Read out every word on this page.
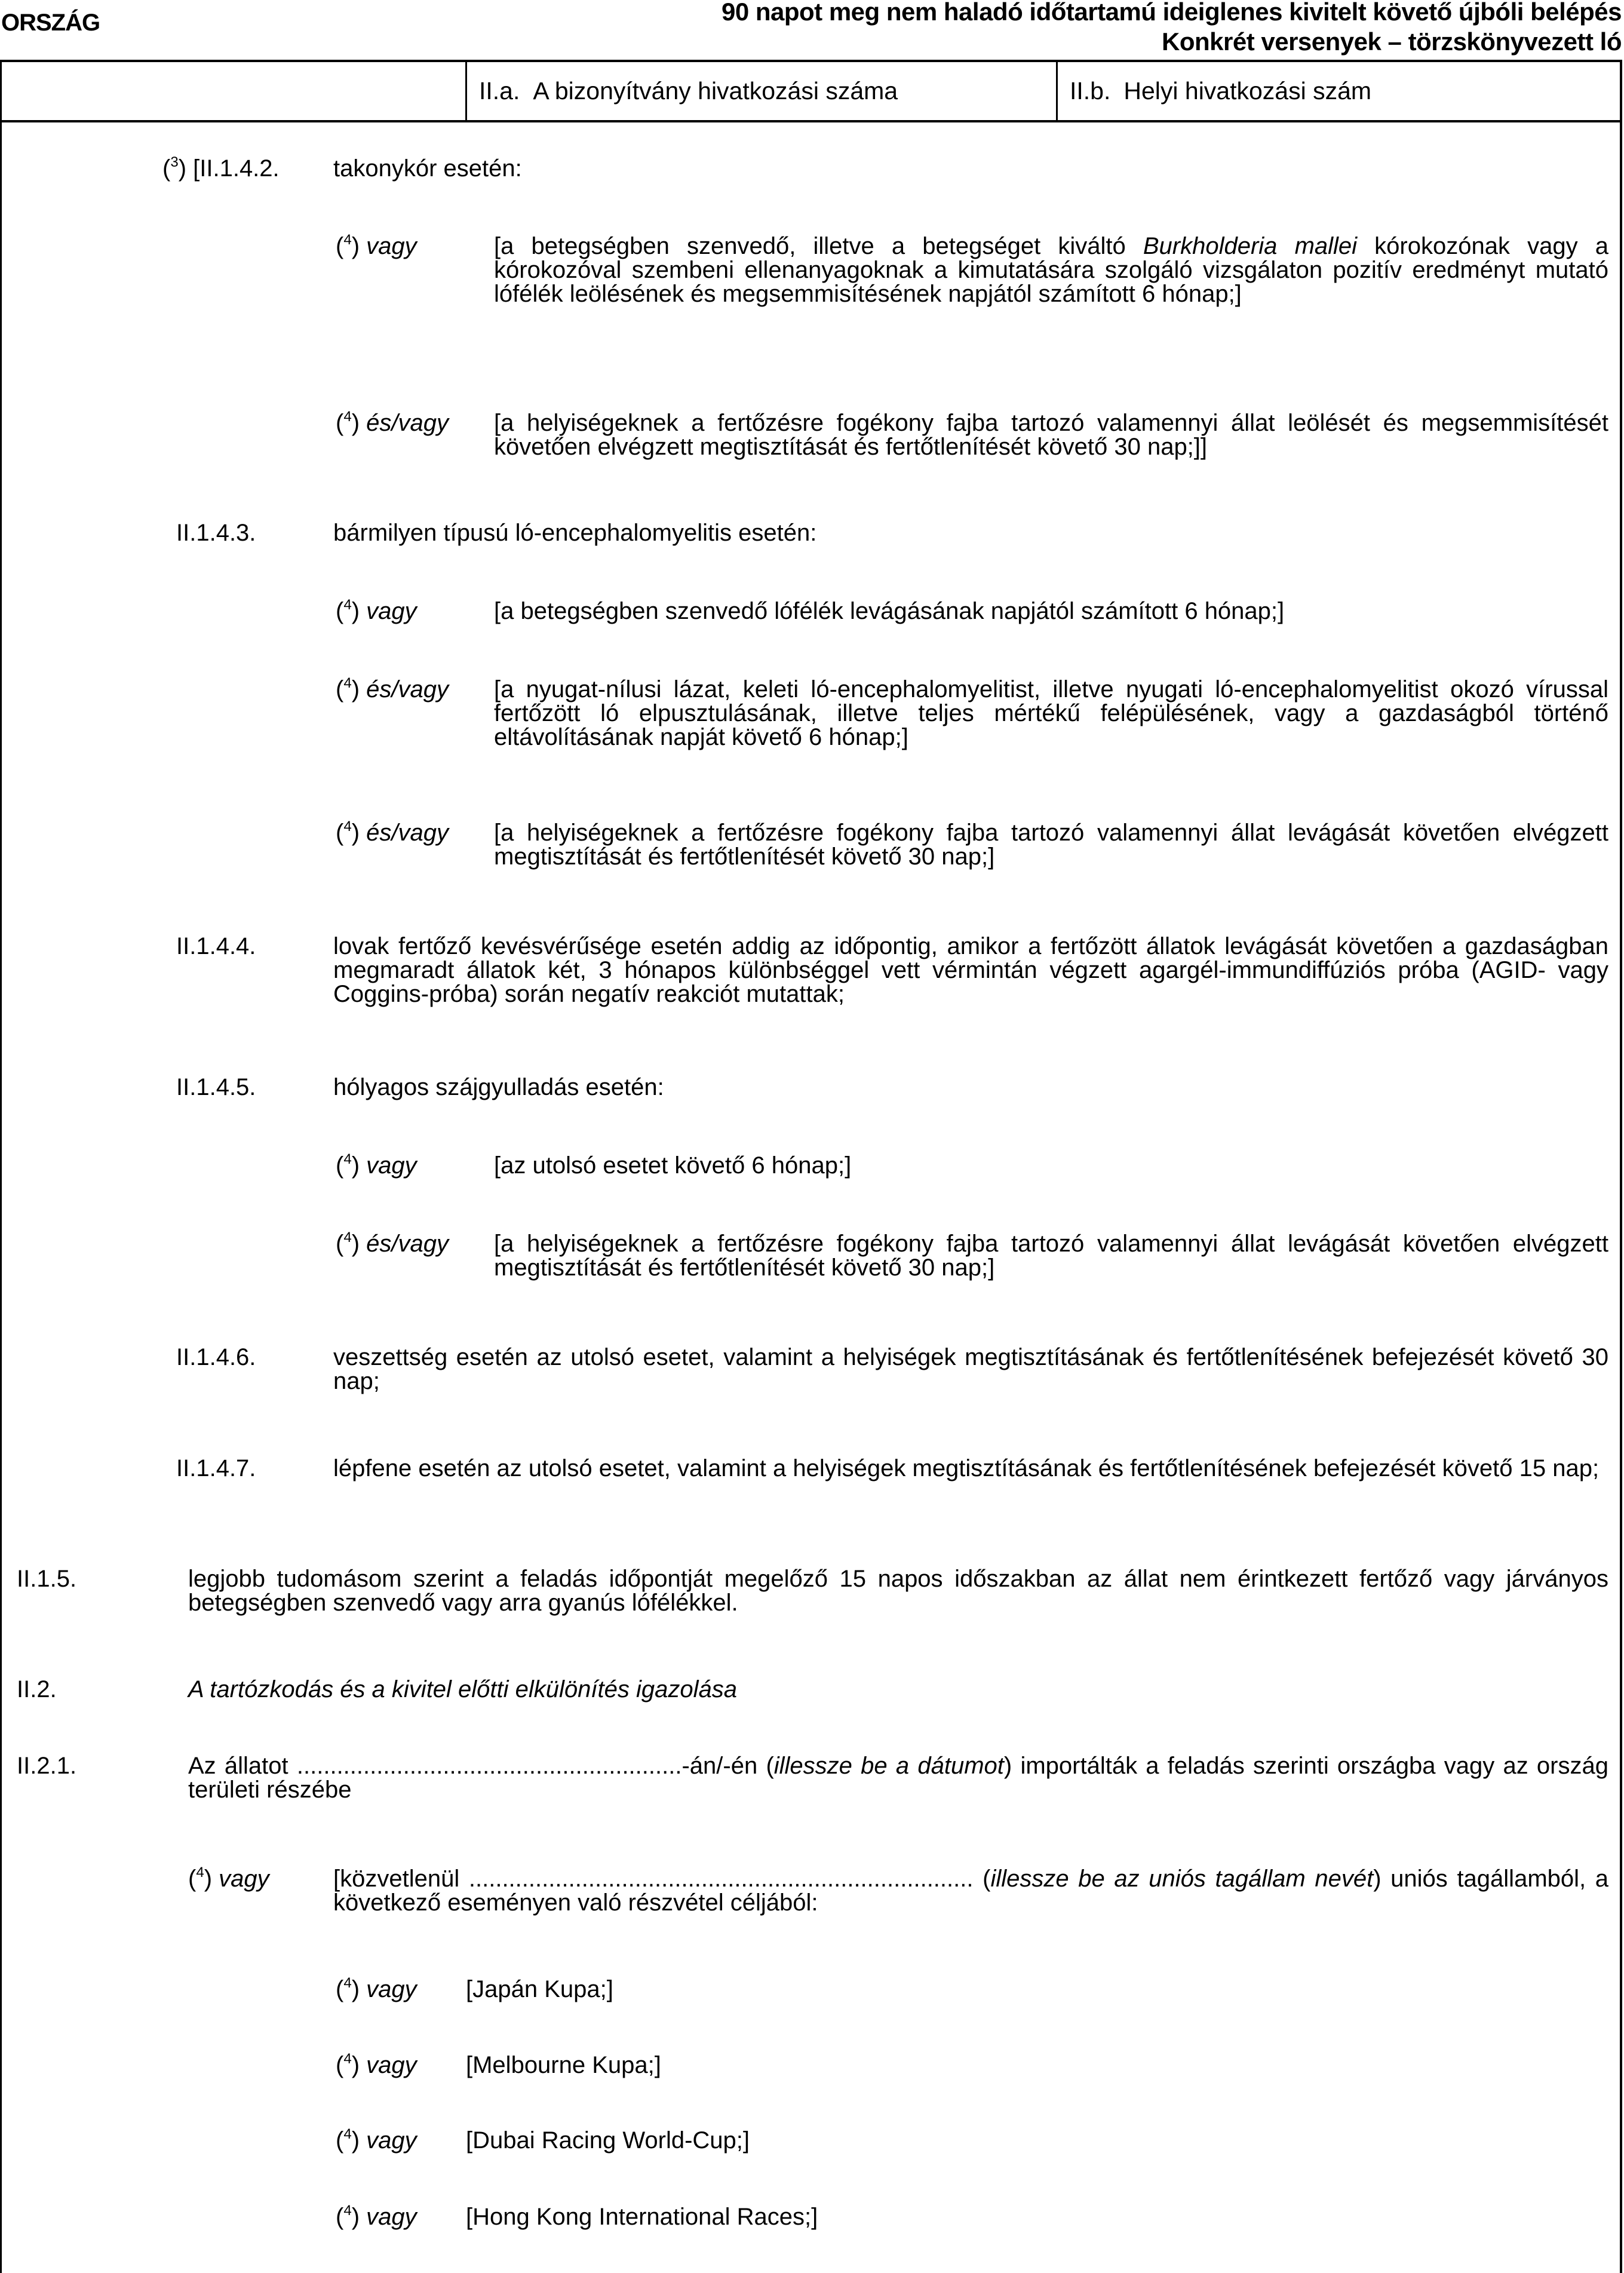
ORSZÁG	90 napot meg nem haladó időtartamú ideiglenes kivitelt követő újbóli belépés
Konkrét versenyek – törzskönyvezett ló
II.a. A bizonyítvány hivatkozási száma	II.b. Helyi hivatkozási szám
($^3$) [II.1.4.2. takonykór esetén:
($^4$) vagy	[a betegségben szenvedő, illetve a betegséget kiváltó Burkholderia mallei kórokozónak vagy a kórokozóval szembeni ellenanyagoknak a kimutatására szolgáló vizsgálaton pozitív eredményt mutató lófélék leölésének és megsemmisítésének napjától számított 6 hónap;]
($^4$) és/vagy [a helyiségeknek a fertőzésre fogékony fajba tartozó valamennyi állat leölését és megsemmisítését követően elvégzett megtisztítását és fertőtlenítését követő 30 nap;]]
II.1.4.3.	bármilyen típusú ló-encephalomyelitis esetén:
($^4$) vagy	[a betegségben szenvedő lófélék levágásának napjától számított 6 hónap;]
($^4$) és/vagy [a nyugat-nílusi lázat, keleti ló-encephalomyelitist, illetve nyugati ló-encephalomyelitist okozó vírussal fertőzött ló elpusztulásának, illetve teljes mértékű felépülésének, vagy a gazdaságból történő eltávolításának napját követő 6 hónap;]
($^4$) és/vagy [a helyiségeknek a fertőzésre fogékony fajba tartozó valamennyi állat levágását követően elvégzett megtisztítását és fertőtlenítését követő 30 nap;]
II.1.4.4.	lovak fertőző kevésvérűsége esetén addig az időpontig, amikor a fertőzött állatok levágását követően a gazdaságban megmaradt állatok két, 3 hónapos különbséggel vett vérmintán végzett agargél-immundiffúziós próba (AGID- vagy Coggins-próba) során negatív reakciót mutattak;
II.1.4.5.	hólyagos szájgyulladás esetén:
($^4$) vagy	[az utolsó esetet követő 6 hónap;]
($^4$) és/vagy [a helyiségeknek a fertőzésre fogékony fajba tartozó valamennyi állat levágását követően elvégzett megtisztítását és fertőtlenítését követő 30 nap;]
II.1.4.6.	veszettség esetén az utolsó esetet, valamint a helyiségek megtisztításának és fertőtlenítésének befejezését követő 30 nap;
II.1.4.7.	lépfene esetén az utolsó esetet, valamint a helyiségek megtisztításának és fertőtlenítésének befejezését követő 15 nap;
II.1.5.	legjobb tudomásom szerint a feladás időpontját megelőző 15 napos időszakban az állat nem érintkezett fertőző vagy járványos betegségben szenvedő vagy arra gyanús lófélékkel.
II.2.	A tartózkodás és a kivitel előtti elkülönítés igazolása
II.2.1.	Az állatot ..........................................................-án/-én (illessze be a dátumot) importálták a feladás szerinti országba vagy az ország területi részébe
($^4$) vagy	[közvetlenül ............................................................................ (illessze be az uniós tagállam nevét) uniós tagállamból, a következő eseményen való részvétel céljából:
($^4$) vagy [Japán Kupa;]
($^4$) vagy [Melbourne Kupa;]
($^4$) vagy [Dubai Racing World-Cup;]
($^4$) vagy [Hong Kong International Races;]
